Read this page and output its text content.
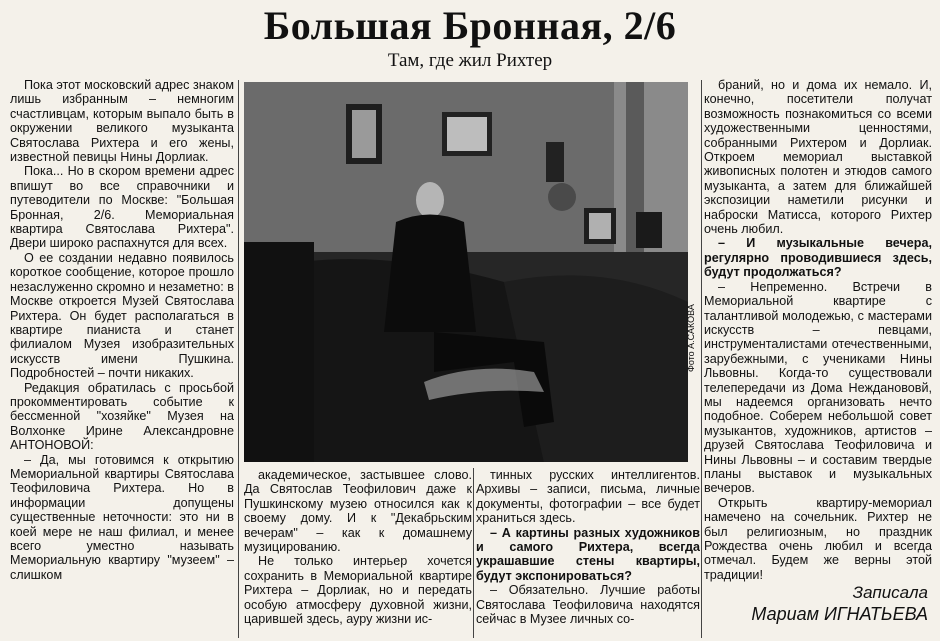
Большая Бронная, 2/6
Там, где жил Рихтер

Пока этот московский адрес знаком лишь избранным – немногим счастливцам, которым выпало быть в окружении великого музыканта Святослава Рихтера и его жены, известной певицы Нины Дорлиак.

Пока... Но в скором времени адрес впишут во все справочники и путеводители по Москве: "Большая Бронная, 2/6. Мемориальная квартира Святослава Рихтера". Двери широко распахнутся для всех.

О ее создании недавно появилось короткое сообщение, которое прошло незаслуженно скромно и незаметно: в Москве откроется Музей Святослава Рихтера. Он будет располагаться в квартире пианиста и станет филиалом Музея изобразительных искусств имени Пушкина. Подробностей – почти никаких.

Редакция обратилась с просьбой прокомментировать событие к бессменной "хозяйке" Музея на Волхонке Ирине Александровне АНТОНОВОЙ:

– Да, мы готовимся к открытию Мемориальной квартиры Святослава Теофиловича Рихтера. Но в информации допущены существенные неточности: это ни в коей мере не наш филиал, и менее всего уместно называть Мемориальную квартиру "музеем" – слишком

Фото А.САКОВА

академическое, застывшее слово. Да Святослав Теофилович даже к Пушкинскому музею относился как к своему дому. И к "Декабрьским вечерам" – как к домашнему музицированию.

Не только интерьер хочется сохранить в Мемориальной квартире Рихтера – Дорлиак, но и передать особую атмосферу духовной жизни, царившей здесь, ауру жизни ис-

тинных русских интеллигентов. Архивы – записи, письма, личные документы, фотографии – все будет храниться здесь.

– А картины разных художников и самого Рихтера, всегда украшавшие стены квартиры, будут экспонироваться?

– Обязательно. Лучшие работы Святослава Теофиловича находятся сейчас в Музее личных со-

браний, но и дома их немало. И, конечно, посетители получат возможность познакомиться со всеми художественными ценностями, собранными Рихтером и Дорлиак. Откроем мемориал выставкой живописных полотен и этюдов самого музыканта, а затем для ближайшей экспозиции наметили рисунки и наброски Матисса, которого Рихтер очень любил.

– И музыкальные вечера, регулярно проводившиеся здесь, будут продолжаться?

– Непременно. Встречи в Мемориальной квартире с талантливой молодежью, с мастерами искусств – певцами, инструменталистами отечественными, зарубежными, с учениками Нины Львовны. Когда-то существовали телепередачи из Дома Нежданововй, мы надеемся организовать нечто подобное. Соберем небольшой совет музыкантов, художников, артистов – друзей Святослава Теофиловича и Нины Львовны – и составим твердые планы выставок и музыкальных вечеров.

Открыть квартиру-мемориал намечено на сочельник. Рихтер не был религиозным, но праздник Рождества очень любил и всегда отмечал. Будем же верны этой традиции!

Записала
Мариам ИГНАТЬЕВА
